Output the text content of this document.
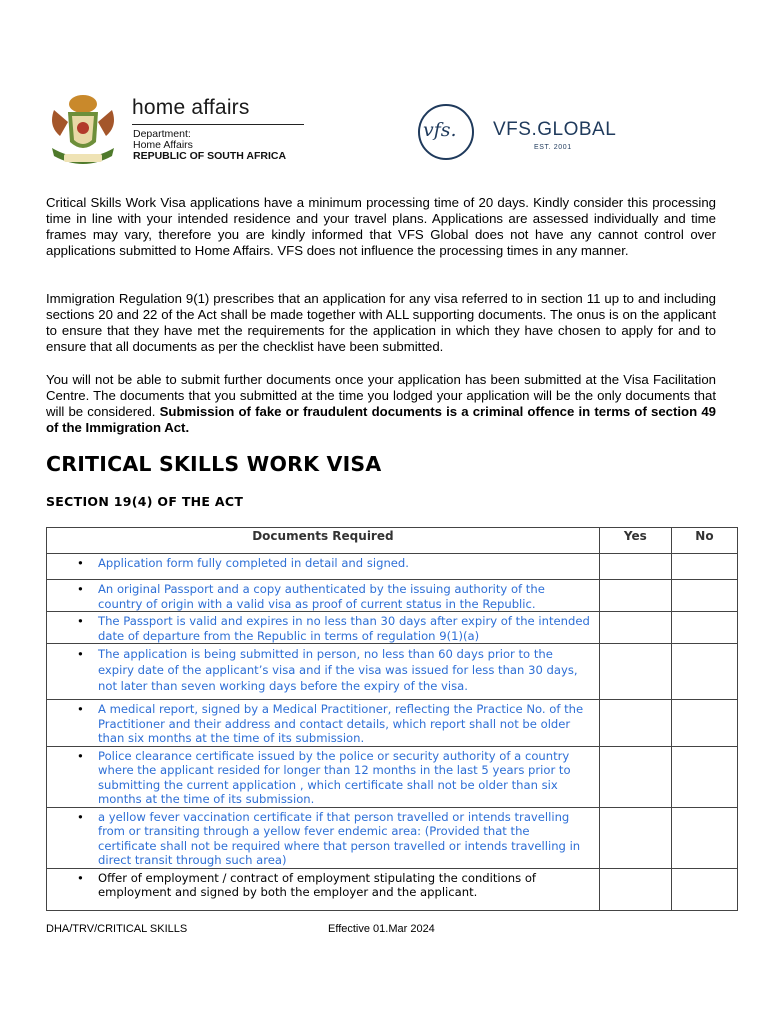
home affairs
Department:
Home Affairs
REPUBLIC OF SOUTH AFRICA
vfs. VFS.GLOBAL
EST. 2001

Critical Skills Work Visa applications have a minimum processing time of 20 days. Kindly consider this processing time in line with your intended residence and your travel plans. Applications are assessed individually and time frames may vary, therefore you are kindly informed that VFS Global does not have any cannot control over applications submitted to Home Affairs. VFS does not influence the processing times in any manner.

Immigration Regulation 9(1) prescribes that an application for any visa referred to in section 11 up to and including sections 20 and 22 of the Act shall be made together with ALL supporting documents. The onus is on the applicant to ensure that they have met the requirements for the application in which they have chosen to apply for and to ensure that all documents as per the checklist have been submitted.

You will not be able to submit further documents once your application has been submitted at the Visa Facilitation Centre. The documents that you submitted at the time you lodged your application will be the only documents that will be considered. Submission of fake or fraudulent documents is a criminal offence in terms of section 49 of the Immigration Act.

CRITICAL SKILLS WORK VISA
SECTION 19(4) OF THE ACT
Documents Required	Yes	No

• Application form fully completed in detail and signed.		

• An original Passport and a copy authenticated by the issuing authority of the country of origin with a valid visa as proof of current status in the Republic.		

• The Passport is valid and expires in no less than 30 days after expiry of the intended date of departure from the Republic in terms of regulation 9(1)(a)		

• The application is being submitted in person, no less than 60 days prior to the expiry date of the applicant’s visa and if the visa was issued for less than 30 days, not later than seven working days before the expiry of the visa.		

• A medical report, signed by a Medical Practitioner, reflecting the Practice No. of the Practitioner and their address and contact details, which report shall not be older than six months at the time of its submission.		

• Police clearance certificate issued by the police or security authority of a country where the applicant resided for longer than 12 months in the last 5 years prior to submitting the current application , which certificate shall not be older than six months at the time of its submission.		

• a yellow fever vaccination certificate if that person travelled or intends travelling from or transiting through a yellow fever endemic area: (Provided that the certificate shall not be required where that person travelled or intends travelling in direct transit through such area)		

• Offer of employment / contract of employment stipulating the conditions of employment and signed by both the employer and the applicant.		

DHA/TRV/CRITICAL SKILLS	Effective 01.Mar 2024
